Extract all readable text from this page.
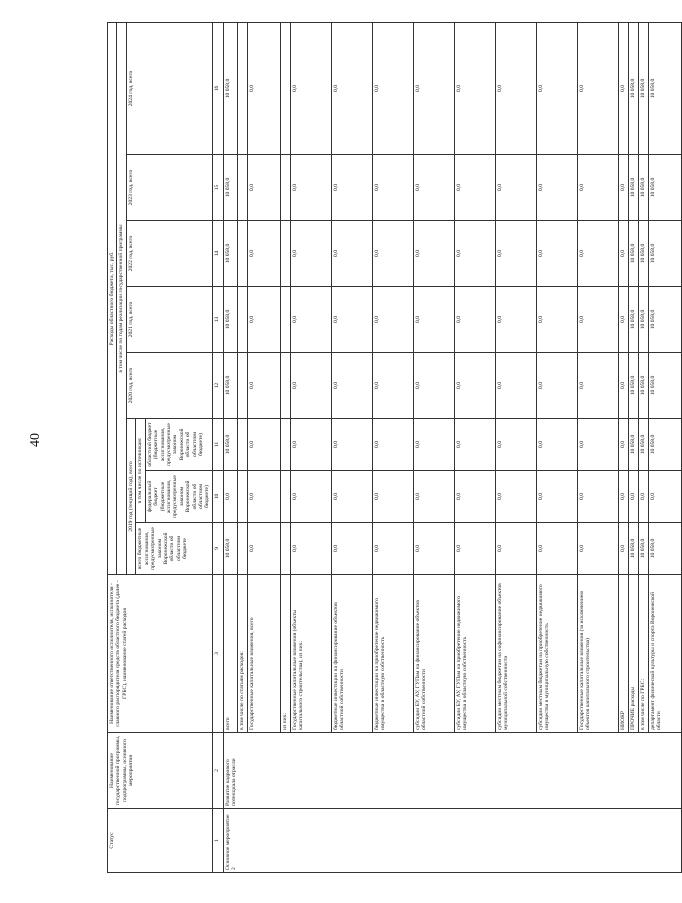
40
Статус	Наименование государственной программы, подпрограммы, основного мероприятия	Наименование ответственного исполнителя, исполнителя - главного распорядителя средств областного бюджета (далее - ГРБС), наименование статей расходов	Расходы областного бюджета, тыс. руб.							
			в том числе по годам реализации государственной программы							
			2019 год (текущий год), всего			2020 год, всего	2021 год, всего	2022 год, всего	2023 год, всего	2024 год, всего
			всего бюджетные ассигнования, предусмотренные законом Воронежской области об областном бюджете	в том числе по источникам:						
				федеральный бюджет (бюджетные ассигнования, предусмотренные законом Воронежской области об областном бюджете)	областной бюджет (бюджетные ассигнования, предусмотренные законом Воронежской области об областном бюджете)					
1	2	3	9	10	11	12	13	14	15	16
Основное мероприятие 2	Развитие кадрового потенциала отрасли	всего	10 058,0	0,0	10 058,0	10 058,0	10 058,0	10 058,0	10 058,0	10 058,0
		в том числе по статьям расходов:								
		Государственные капитальные вложения, всего	0,0	0,0	0,0	0,0	0,0	0,0	0,0	0,0
		из них:								
		Государственные капитальные вложения (объекты капитального строительства), из них:	0,0	0,0	0,0	0,0	0,0	0,0	0,0	0,0
		бюджетные инвестиции на финансирование объектов областной собственности	0,0	0,0	0,0	0,0	0,0	0,0	0,0	0,0
		бюджетные инвестиции на приобретение недвижимого имущества в областную собственность	0,0	0,0	0,0	0,0	0,0	0,0	0,0	0,0
		субсидии БУ, АУ, ГУПам на финансирование объектов областной собственности	0,0	0,0	0,0	0,0	0,0	0,0	0,0	0,0
		субсидии БУ, АУ, ГУПам на приобретение недвижимого имущества в областную собственность	0,0	0,0	0,0	0,0	0,0	0,0	0,0	0,0
		субсидии местным бюджетам на софинансирование объектов муниципальной собственности	0,0	0,0	0,0	0,0	0,0	0,0	0,0	0,0
		субсидии местным бюджетам на приобретение недвижимого имущества в муниципальную собственность	0,0	0,0	0,0	0,0	0,0	0,0	0,0	0,0
		Государственные капитальные вложения (за исключением объектов капитального строительства)	0,0	0,0	0,0	0,0	0,0	0,0	0,0	0,0
		НИОКР	0,0	0,0	0,0	0,0	0,0	0,0	0,0	0,0
		ПРОЧИЕ расходы	10 058,0	0,0	10 058,0	10 058,0	10 058,0	10 058,0	10 058,0	10 058,0
		в том числе по ГРБС:	10 058,0	0,0	10 058,0	10 058,0	10 058,0	10 058,0	10 058,0	10 058,0
		департамент физической культуры и спорта Воронежской области	10 058,0	0,0	10 058,0	10 058,0	10 058,0	10 058,0	10 058,0	10 058,0
